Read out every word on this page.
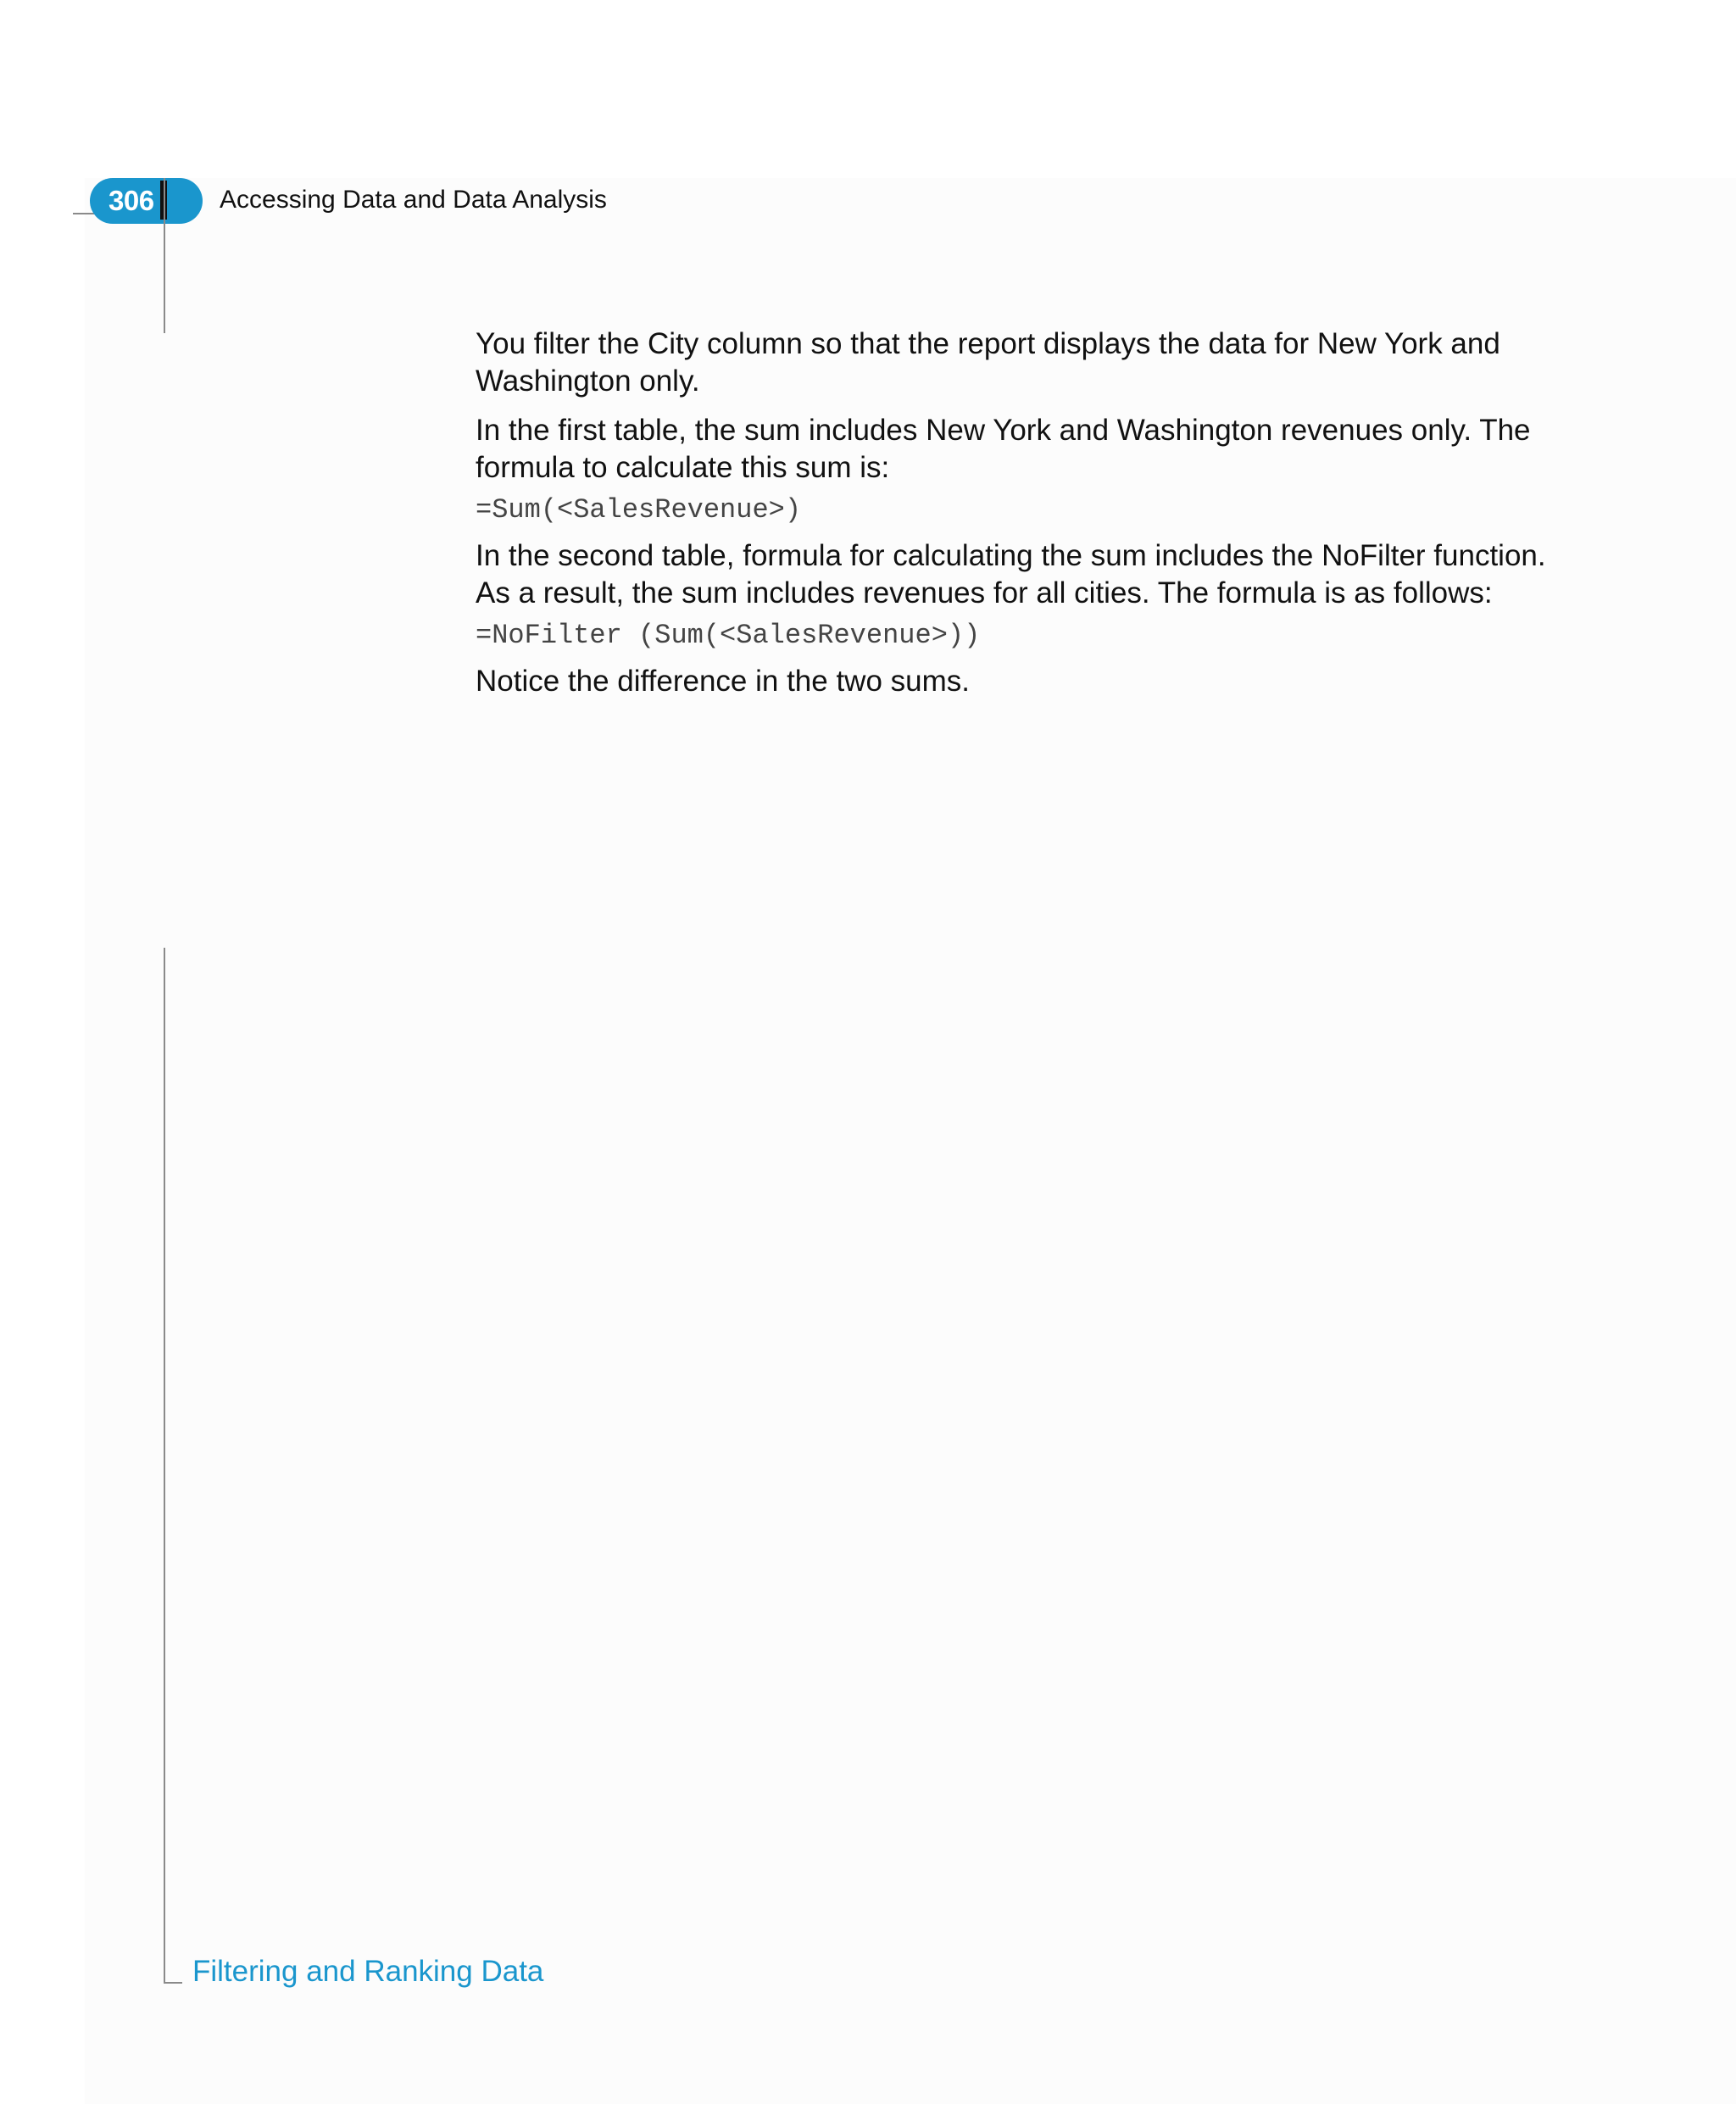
306	Accessing Data and Data Analysis

You filter the City column so that the report displays the data for New York and Washington only.

In the first table, the sum includes New York and Washington revenues only. The formula to calculate this sum is:

=Sum(<SalesRevenue>)

In the second table, formula for calculating the sum includes the NoFilter function. As a result, the sum includes revenues for all cities. The formula is as follows:

=NoFilter (Sum(<SalesRevenue>))

Notice the difference in the two sums.

Filtering and Ranking Data
